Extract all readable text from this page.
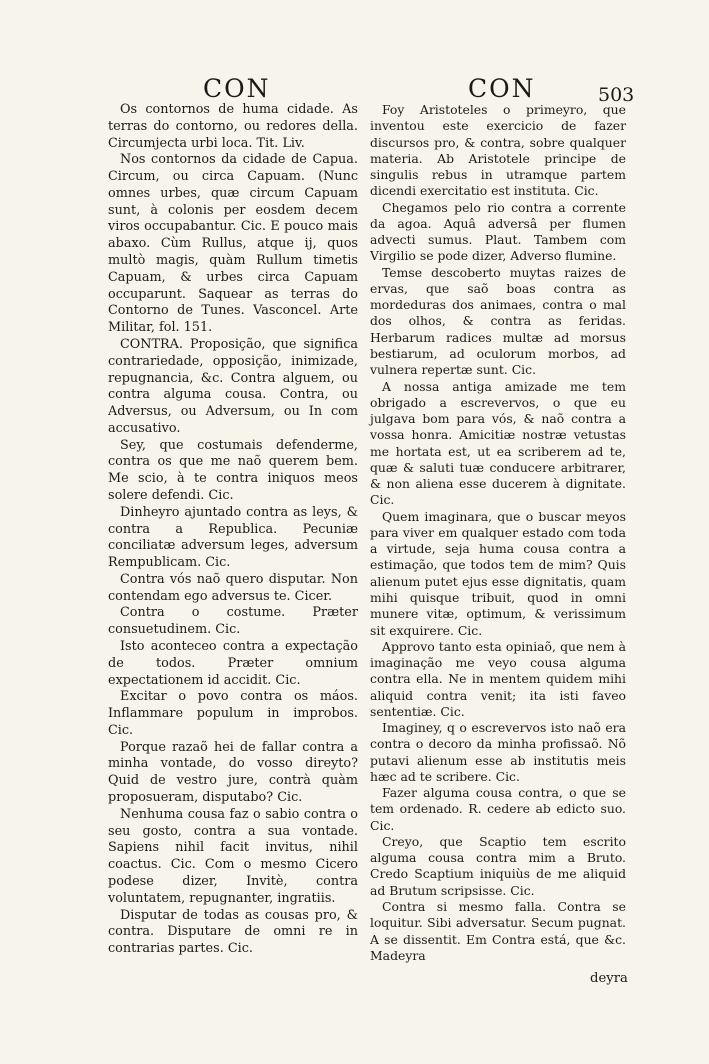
CON	CON	503

Os contornos de huma cidade. As terras do contorno, ou redores della. Circumjecta urbi loca. Tit. Liv.

Nos contornos da cidade de Capua. Circum, ou circa Capuam. (Nunc omnes urbes, quæ circum Capuam sunt, à colonis per eosdem decem viros occupabantur. Cic. E pouco mais abaxo. Cùm Rullus, atque ij, quos multò magis, quàm Rullum timetis Capuam, & urbes circa Capuam occuparunt. Saquear as terras do Contorno de Tunes. Vasconcel. Arte Militar, fol. 151.

CONTRA. Proposição, que significa contrariedade, opposição, inimizade, repugnancia, &c. Contra alguem, ou contra alguma cousa. Contra, ou Adversus, ou Adversum, ou In com accusativo.

Sey, que costumais defenderme, contra os que me naõ querem bem. Me scio, à te contra iniquos meos solere defendi. Cic.

Dinheyro ajuntado contra as leys, & contra a Republica. Pecuniæ conciliatæ adversum leges, adversum Rempublicam. Cic.

Contra vós naõ quero disputar. Non contendam ego adversus te. Cicer.

Contra o costume. Præter consuetudinem. Cic.

Isto aconteceo contra a expectação de todos. Præter omnium expectationem id accidit. Cic.

Excitar o povo contra os máos. Inflammare populum in improbos. Cic.

Porque razaõ hei de fallar contra a minha vontade, do vosso direyto? Quid de vestro jure, contrà quàm proposueram, disputabo? Cic.

Nenhuma cousa faz o sabio contra o seu gosto, contra a sua vontade. Sapiens nihil facit invitus, nihil coactus. Cic. Com o mesmo Cicero podese dizer, Invitè, contra voluntatem, repugnanter, ingratiis.

Disputar de todas as cousas pro, & contra. Disputare de omni re in contrarias partes. Cic.

Foy Aristoteles o primeyro, que inventou este exercicio de fazer discursos pro, & contra, sobre qualquer materia. Ab Aristotele principe de singulis rebus in utramque partem dicendi exercitatio est instituta. Cic.

Chegamos pelo rio contra a corrente da agoa. Aquâ adversâ per flumen advecti sumus. Plaut. Tambem com Virgilio se pode dizer, Adverso flumine.

Temse descoberto muytas raizes de ervas, que saõ boas contra as mordeduras dos animaes, contra o mal dos olhos, & contra as feridas. Herbarum radices multæ ad morsus bestiarum, ad oculorum morbos, ad vulnera repertæ sunt. Cic.

A nossa antiga amizade me tem obrigado a escrevervos, o que eu julgava bom para vós, & naõ contra a vossa honra. Amicitiæ nostræ vetustas me hortata est, ut ea scriberem ad te, quæ & saluti tuæ conducere arbitrarer, & non aliena esse ducerem à dignitate. Cic.

Quem imaginara, que o buscar meyos para viver em qualquer estado com toda a virtude, seja huma cousa contra a estimação, que todos tem de mim? Quis alienum putet ejus esse dignitatis, quam mihi quisque tribuit, quod in omni munere vitæ, optimum, & verissimum sit exquirere. Cic.

Approvo tanto esta opiniaõ, que nem à imaginação me veyo cousa alguma contra ella. Ne in mentem quidem mihi aliquid contra venit; ita isti faveo sententiæ. Cic.

Imaginey, q o escrevervos isto naõ era contra o decoro da minha profissaõ. Nõ putavi alienum esse ab institutis meis hæc ad te scribere. Cic.

Fazer alguma cousa contra, o que se tem ordenado. R. cedere ab edicto suo. Cic.

Creyo, que Scaptio tem escrito alguma cousa contra mim a Bruto. Credo Scaptium iniquiùs de me aliquid ad Brutum scripsisse. Cic.

Contra si mesmo falla. Contra se loquitur. Sibi adversatur. Secum pugnat. A se dissentit. Em Contra está, que &c. Madeyra

deyra
